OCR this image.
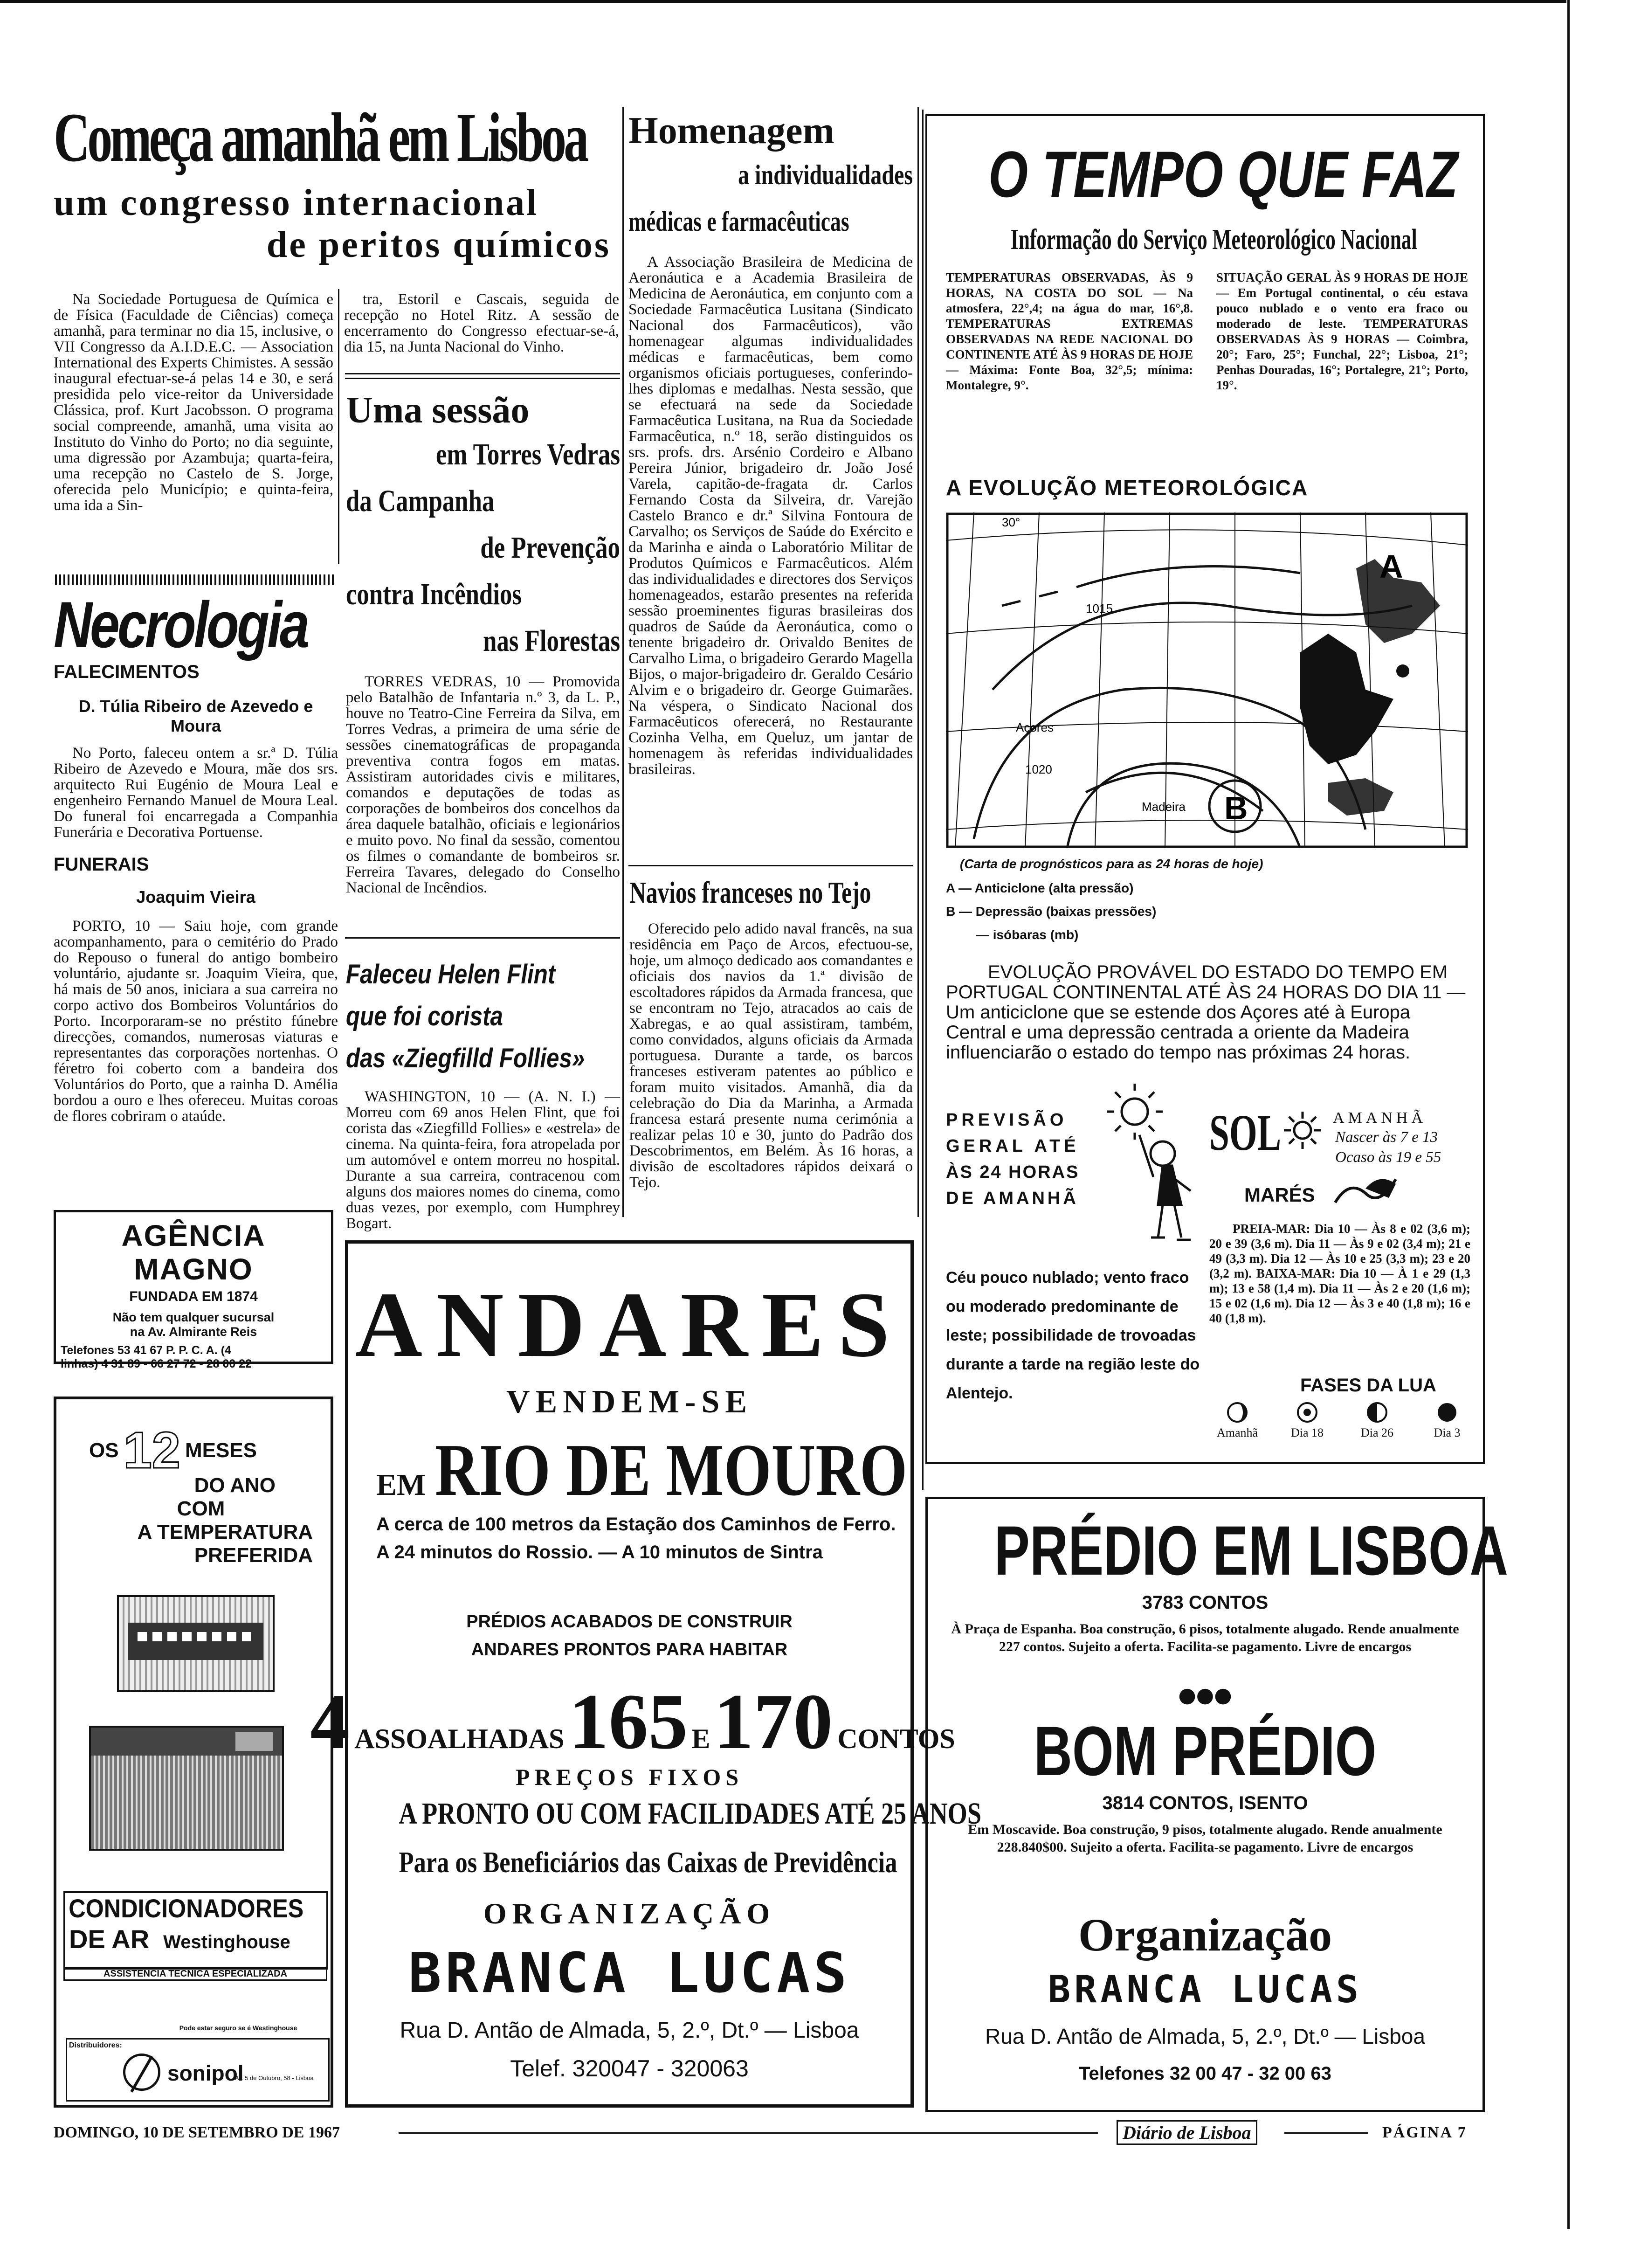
Começa amanhã em Lisboa
um congresso internacional
de peritos químicos
Na Sociedade Portuguesa de Química e de Física (Faculdade de Ciências) começa amanhã, para terminar no dia 15, inclusive, o VII Congresso da A.I.D.E.C. — Association International des Experts Chimistes. A sessão inaugural efectuar-se-á pelas 14 e 30, e será presidida pelo vice-reitor da Universidade Clássica, prof. Kurt Jacobsson. O programa social compreende, amanhã, uma visita ao Instituto do Vinho do Porto; no dia seguinte, uma digressão por Azambuja; quarta-feira, uma recepção no Castelo de S. Jorge, oferecida pelo Município; e quinta-feira, uma ida a Sin-
tra, Estoril e Cascais, seguida de recepção no Hotel Ritz. A sessão de encerramento do Congresso efectuar-se-á, dia 15, na Junta Nacional do Vinho.
Necrologia
FALECIMENTOS
D. Túlia Ribeiro de Azevedo e Moura
No Porto, faleceu ontem a sr.ª D. Túlia Ribeiro de Azevedo e Moura, mãe dos srs. arquitecto Rui Eugénio de Moura Leal e engenheiro Fernando Manuel de Moura Leal. Do funeral foi encarregada a Companhia Funerária e Decorativa Portuense.
FUNERAIS
Joaquim Vieira
PORTO, 10 — Saiu hoje, com grande acompanhamento, para o cemitério do Prado do Repouso o funeral do antigo bombeiro voluntário, ajudante sr. Joaquim Vieira, que, há mais de 50 anos, iniciara a sua carreira no corpo activo dos Bombeiros Voluntários do Porto. Incorporaram-se no préstito fúnebre direcções, comandos, numerosas viaturas e representantes das corporações nortenhas. O féretro foi coberto com a bandeira dos Voluntários do Porto, que a rainha D. Amélia bordou a ouro e lhes ofereceu. Muitas coroas de flores cobriram o ataúde.
AGÊNCIA MAGNO
FUNDADA EM 1874
Não tem qualquer sucursal
na Av. Almirante Reis
Telefones 53 41 67 P. P. C. A. (4
linhas) 4 31 89 - 66 27 72 - 28 00 22
OS 12 MESES
DO ANO
COM
A TEMPERATURA
PREFERIDA
CONDICIONADORES
DE AR Westinghouse
ASSISTÊNCIA TÉCNICA ESPECIALIZADA
Pode estar seguro se é Westinghouse
Distribuidores:
sonipol
Av. 5 de Outubro, 58 - Lisboa
Uma sessão
em Torres Vedras
da Campanha
de Prevenção
contra Incêndios
nas Florestas
TORRES VEDRAS, 10 — Promovida pelo Batalhão de Infantaria n.º 3, da L. P., houve no Teatro-Cine Ferreira da Silva, em Torres Vedras, a primeira de uma série de sessões cinematográficas de propaganda preventiva contra fogos em matas. Assistiram autoridades civis e militares, comandos e deputações de todas as corporações de bombeiros dos concelhos da área daquele batalhão, oficiais e legionários e muito povo. No final da sessão, comentou os filmes o comandante de bombeiros sr. Ferreira Tavares, delegado do Conselho Nacional de Incêndios.
Faleceu Helen Flint
que foi corista
das «Ziegfilld Follies»
WASHINGTON, 10 — (A. N. I.) — Morreu com 69 anos Helen Flint, que foi corista das «Ziegfilld Follies» e «estrela» de cinema. Na quinta-feira, fora atropelada por um automóvel e ontem morreu no hospital. Durante a sua carreira, contracenou com alguns dos maiores nomes do cinema, como duas vezes, por exemplo, com Humphrey Bogart.
Homenagem
a individualidades
médicas e farmacêuticas
A Associação Brasileira de Medicina de Aeronáutica e a Academia Brasileira de Medicina de Aeronáutica, em conjunto com a Sociedade Farmacêutica Lusitana (Sindicato Nacional dos Farmacêuticos), vão homenagear algumas individualidades médicas e farmacêuticas, bem como organismos oficiais portugueses, conferindo-lhes diplomas e medalhas. Nesta sessão, que se efectuará na sede da Sociedade Farmacêutica Lusitana, na Rua da Sociedade Farmacêutica, n.º 18, serão distinguidos os srs. profs. drs. Arsénio Cordeiro e Albano Pereira Júnior, brigadeiro dr. João José Varela, capitão-de-fragata dr. Carlos Fernando Costa da Silveira, dr. Varejão Castelo Branco e dr.ª Silvina Fontoura de Carvalho; os Serviços de Saúde do Exército e da Marinha e ainda o Laboratório Militar de Produtos Químicos e Farmacêuticos. Além das individualidades e directores dos Serviços homenageados, estarão presentes na referida sessão proeminentes figuras brasileiras dos quadros de Saúde da Aeronáutica, como o tenente brigadeiro dr. Orivaldo Benites de Carvalho Lima, o brigadeiro Gerardo Magella Bijos, o major-brigadeiro dr. Geraldo Cesário Alvim e o brigadeiro dr. George Guimarães. Na véspera, o Sindicato Nacional dos Farmacêuticos oferecerá, no Restaurante Cozinha Velha, em Queluz, um jantar de homenagem às referidas individualidades brasileiras.
Navios franceses no Tejo
Oferecido pelo adido naval francês, na sua residência em Paço de Arcos, efectuou-se, hoje, um almoço dedicado aos comandantes e oficiais dos navios da 1.ª divisão de escoltadores rápidos da Armada francesa, que se encontram no Tejo, atracados ao cais de Xabregas, e ao qual assistiram, também, como convidados, alguns oficiais da Armada portuguesa. Durante a tarde, os barcos franceses estiveram patentes ao público e foram muito visitados. Amanhã, dia da celebração do Dia da Marinha, a Armada francesa estará presente numa cerimónia a realizar pelas 10 e 30, junto do Padrão dos Descobrimentos, em Belém. Às 16 horas, a divisão de escoltadores rápidos deixará o Tejo.
ANDARES
VENDEM-SE
EM RIO DE MOURO
A cerca de 100 metros da Estação dos Caminhos de Ferro.
A 24 minutos do Rossio. — A 10 minutos de Sintra
PRÉDIOS ACABADOS DE CONSTRUIR
ANDARES PRONTOS PARA HABITAR
4 ASSOALHADAS 165 E 170 CONTOS
PREÇOS FIXOS
A PRONTO OU COM FACILIDADES ATÉ 25 ANOS
Para os Beneficiários das Caixas de Previdência
ORGANIZAÇÃO
BRANCA LUCAS
Rua D. Antão de Almada, 5, 2.º, Dt.º — Lisboa
Telef. 320047 - 320063
O TEMPO QUE FAZ
Informação do Serviço Meteorológico Nacional
TEMPERATURAS OBSERVADAS, ÀS 9 HORAS, NA COSTA DO SOL — Na atmosfera, 22°,4; na água do mar, 16°,8. TEMPERATURAS EXTREMAS OBSERVADAS NA REDE NACIONAL DO CONTINENTE ATÉ ÀS 9 HORAS DE HOJE — Máxima: Fonte Boa, 32°,5; mínima: Montalegre, 9°.
SITUAÇÃO GERAL ÀS 9 HORAS DE HOJE — Em Portugal continental, o céu estava pouco nublado e o vento era fraco ou moderado de leste. TEMPERATURAS OBSERVADAS ÀS 9 HORAS — Coimbra, 20°; Faro, 25°; Funchal, 22°; Lisboa, 21°; Penhas Douradas, 16°; Portalegre, 21°; Porto, 19°.
A EVOLUÇÃO METEOROLÓGICA
A
B
Açores
Madeira
30°
1015
1020
(Carta de prognósticos para as 24 horas de hoje)
A — Anticiclone (alta pressão)
B — Depressão (baixas pressões)
— isóbaras (mb)
EVOLUÇÃO PROVÁVEL DO ESTADO DO TEMPO EM PORTUGAL CONTINENTAL ATÉ ÀS 24 HORAS DO DIA 11 — Um anticiclone que se estende dos Açores até à Europa Central e uma depressão centrada a oriente da Madeira influenciarão o estado do tempo nas próximas 24 horas.
PREVISÃO
GERAL ATÉ
ÀS 24 HORAS
DE AMANHÃ
Céu pouco nublado; vento fraco ou moderado predominante de leste; possibilidade de trovoadas durante a tarde na região leste do Alentejo.
SOL	AMANHÃ
Nascer às 7 e 13
Ocaso às 19 e 55
MARÉS
PREIA-MAR: Dia 10 — Às 8 e 02 (3,6 m); 20 e 39 (3,6 m). Dia 11 — Às 9 e 02 (3,4 m); 21 e 49 (3,3 m). Dia 12 — Às 10 e 25 (3,3 m); 23 e 20 (3,2 m). BAIXA-MAR: Dia 10 — À 1 e 29 (1,3 m); 13 e 58 (1,4 m). Dia 11 — Às 2 e 20 (1,6 m); 15 e 02 (1,6 m). Dia 12 — Às 3 e 40 (1,8 m); 16 e 40 (1,8 m).
FASES DA LUA
Amanhã	Dia 18	Dia 26	Dia 3
PRÉDIO EM LISBOA
3783 CONTOS
À Praça de Espanha. Boa construção, 6 pisos, totalmente alugado. Rende anualmente 227 contos. Sujeito a oferta. Facilita-se pagamento. Livre de encargos
●●●
BOM PRÉDIO
3814 CONTOS, ISENTO
Em Moscavide. Boa construção, 9 pisos, totalmente alugado. Rende anualmente 228.840$00. Sujeito a oferta. Facilita-se pagamento. Livre de encargos
Organização
BRANCA LUCAS
Rua D. Antão de Almada, 5, 2.º, Dt.º — Lisboa
Telefones 32 00 47 - 32 00 63
DOMINGO, 10 DE SETEMBRO DE 1967	Diário de Lisboa	PÁGINA 7
